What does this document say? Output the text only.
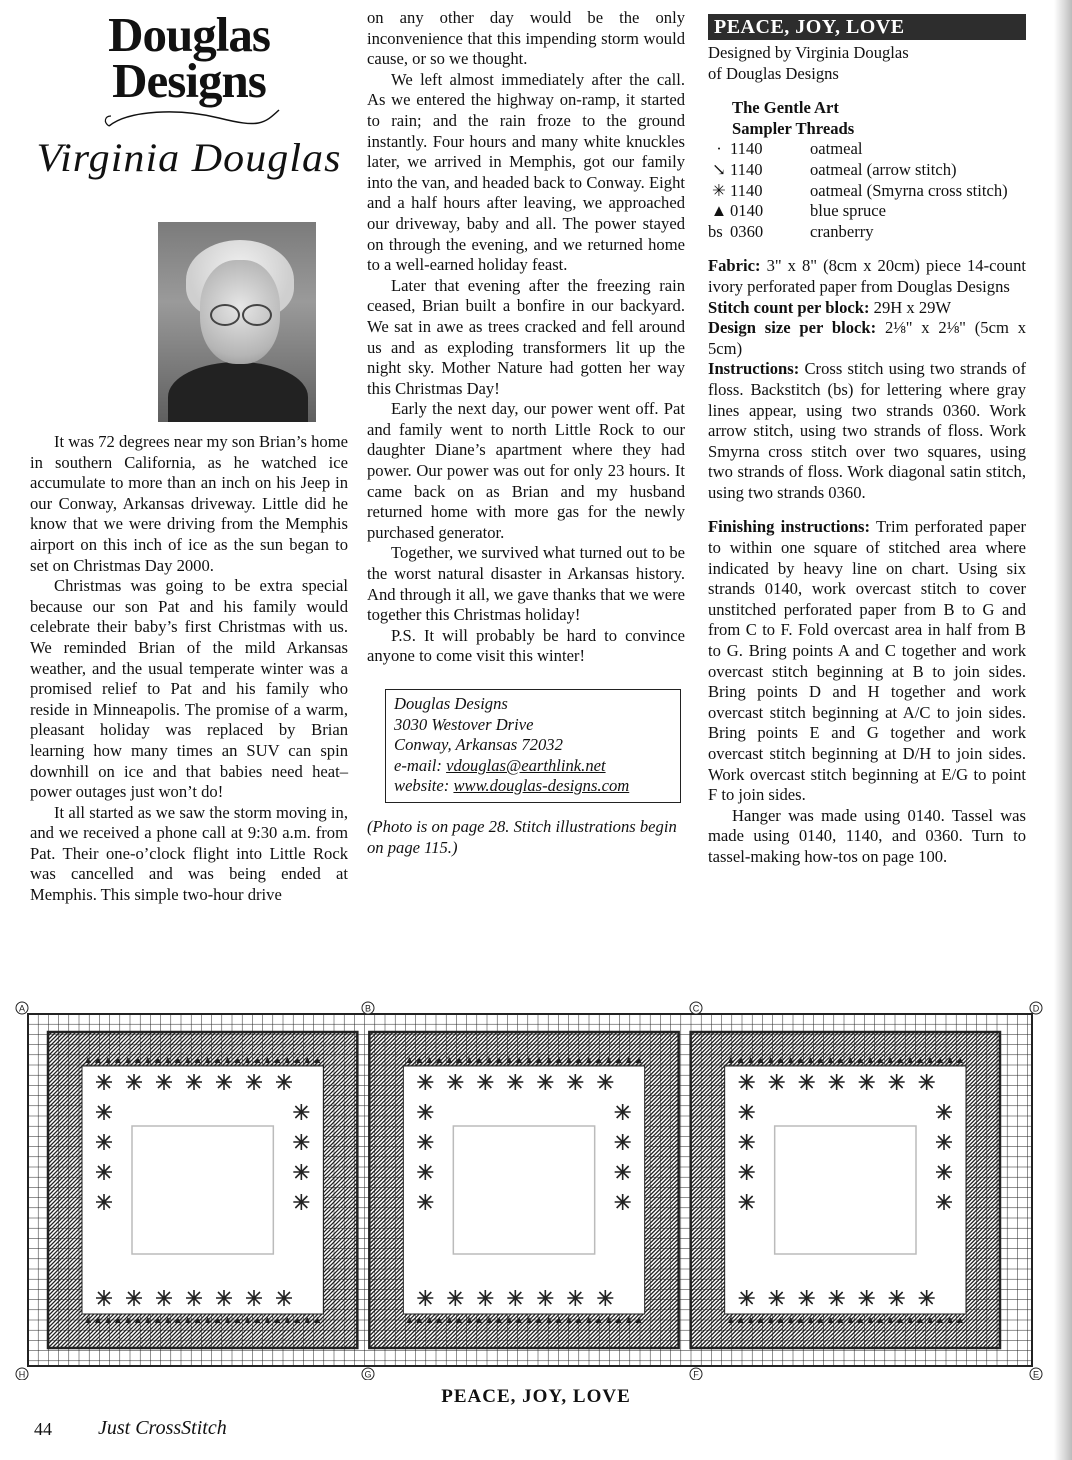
Douglas
Designs
Virginia Douglas

It was 72 degrees near my son Brian’s home in southern California, as he watched ice accumulate to more than an inch on his Jeep in our Conway, Arkansas driveway. Little did he know that we were driving from the Memphis airport on this inch of ice as the sun began to set on Christmas Day 2000.

Christmas was going to be extra special because our son Pat and his family would celebrate their baby’s first Christmas with us. We reminded Brian of the mild Arkansas weather, and the usual temperate winter was a promised relief to Pat and his family who reside in Minneapolis. The promise of a warm, pleasant holiday was replaced by Brian learning how many times an SUV can spin downhill on ice and that babies need heat–power outages just won’t do!

It all started as we saw the storm moving in, and we received a phone call at 9:30 a.m. from Pat. Their one-o’clock flight into Little Rock was cancelled and was being ended at Memphis. This simple two-hour drive

on any other day would be the only inconvenience that this impending storm would cause, or so we thought.

We left almost immediately after the call. As we entered the highway on-ramp, it started to rain; and the rain froze to the ground instantly. Four hours and many white knuckles later, we arrived in Memphis, got our family into the van, and headed back to Conway. Eight and a half hours after leaving, we approached our driveway, baby and all. The power stayed on through the evening, and we returned home to a well-earned holiday feast.

Later that evening after the freezing rain ceased, Brian built a bonfire in our backyard. We sat in awe as trees cracked and fell around us and as exploding transformers lit up the night sky. Mother Nature had gotten her way this Christmas Day!

Early the next day, our power went off. Pat and family went to north Little Rock to our daughter Diane’s apartment where they had power. Our power was out for only 23 hours. It came back on as Brian and my husband returned home with more gas for the newly purchased generator.

Together, we survived what turned out to be the worst natural disaster in Arkansas history. And through it all, we gave thanks that we were together this Christmas holiday!

P.S. It will probably be hard to convince anyone to come visit this winter!

Douglas Designs
3030 Westover Drive
Conway, Arkansas 72032
e-mail: vdouglas@earthlink.net
website: www.douglas-designs.com
(Photo is on page 28. Stitch illustrations begin on page 115.)
PEACE, JOY, LOVE
Designed by Virginia Douglas
of Douglas Designs
The Gentle Art
Sampler Threads
·	1140	oatmeal
↘	1140	oatmeal (arrow stitch)
✳	1140	oatmeal (Smyrna cross stitch)
▲	0140	blue spruce
bs	0360	cranberry

Fabric: 3" x 8" (8cm x 20cm) piece 14-count ivory perforated paper from Douglas Designs

Stitch count per block: 29H x 29W

Design size per block: 2⅛" x 2⅛" (5cm x 5cm)

Instructions: Cross stitch using two strands of floss. Backstitch (bs) for lettering where gray lines appear, using two strands 0360. Work arrow stitch, using two strands of floss. Work Smyrna cross stitch over two squares, using two strands of floss. Work diagonal satin stitch, using two strands 0360.

Finishing instructions: Trim perforated paper to within one square of stitched area where indicated by heavy line on chart. Using six strands 0140, work overcast stitch to cover unstitched perforated paper from B to G and from C to F. Fold overcast area in half from B to G. Bring points A and C together and work overcast stitch beginning at B to join sides. Bring points D and H together and work overcast stitch beginning at A/C to join sides. Bring points E and G together and work overcast stitch beginning at D/H to join sides. Work overcast stitch beginning at E/G to point F to join sides.

Hanger was made using 0140. Tassel was made using 0140, 1140, and 0360. Turn to tassel-making how-tos on page 100.

A	B	C	D
E
F
G
H
PEACE, JOY, LOVE
44 Just CrossStitch
